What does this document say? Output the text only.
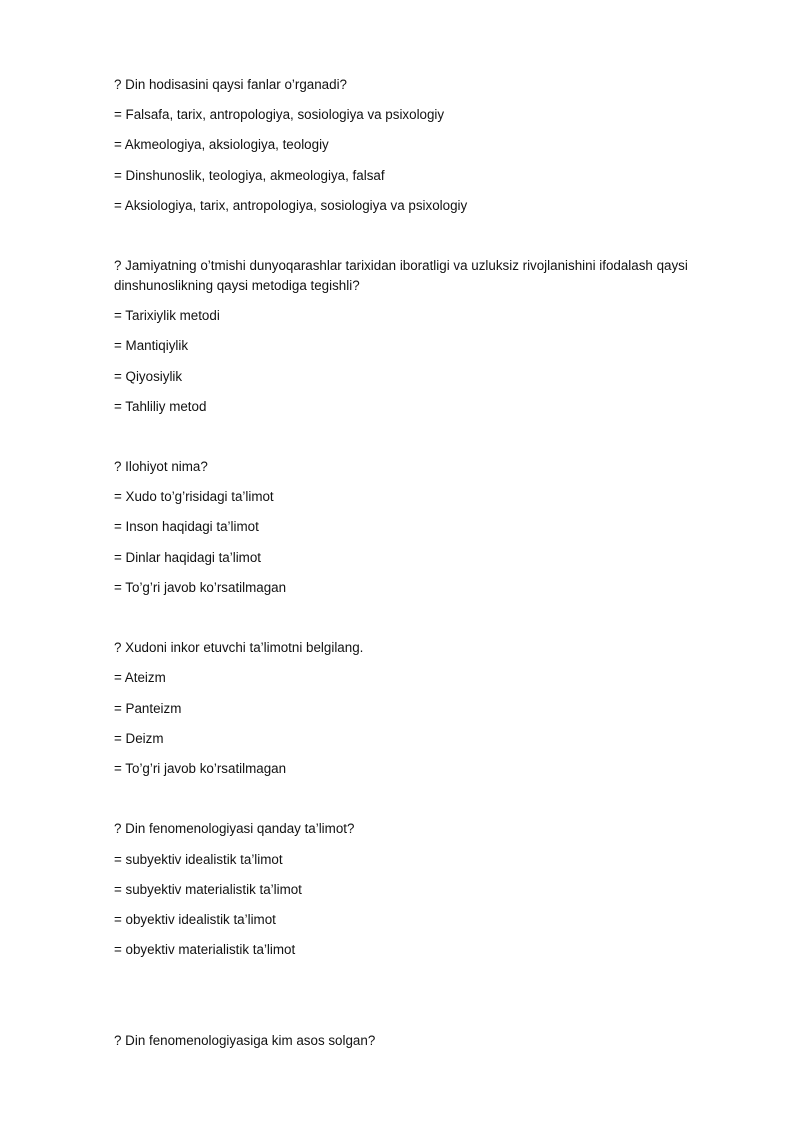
? Din hodisasini qaysi fanlar o’rganadi?
= Falsafa, tarix, antropologiya, sosiologiya va psixologiy
= Akmeologiya, aksiologiya, teologiy
= Dinshunoslik, teologiya, akmeologiya, falsaf
= Aksiologiya, tarix, antropologiya, sosiologiya va psixologiy
? Jamiyatning o’tmishi dunyoqarashlar tarixidan iboratligi va uzluksiz rivojlanishini ifodalash qaysi
dinshunoslikning qaysi metodiga tegishli?
= Tarixiylik metodi
= Mantiqiylik
= Qiyosiylik
= Tahliliy metod
? Ilohiyot nima?
= Xudo to’g’risidagi ta’limot
= Inson haqidagi ta’limot
= Dinlar haqidagi ta’limot
= To’g’ri javob ko’rsatilmagan
? Xudoni inkor etuvchi ta’limotni belgilang.
= Ateizm
= Panteizm
= Deizm
= To’g’ri javob ko’rsatilmagan
? Din fenomenologiyasi qanday ta’limot?
= subyektiv idealistik ta’limot
= subyektiv materialistik ta’limot
= obyektiv idealistik ta’limot
= obyektiv materialistik ta’limot
? Din fenomenologiyasiga kim asos solgan?
